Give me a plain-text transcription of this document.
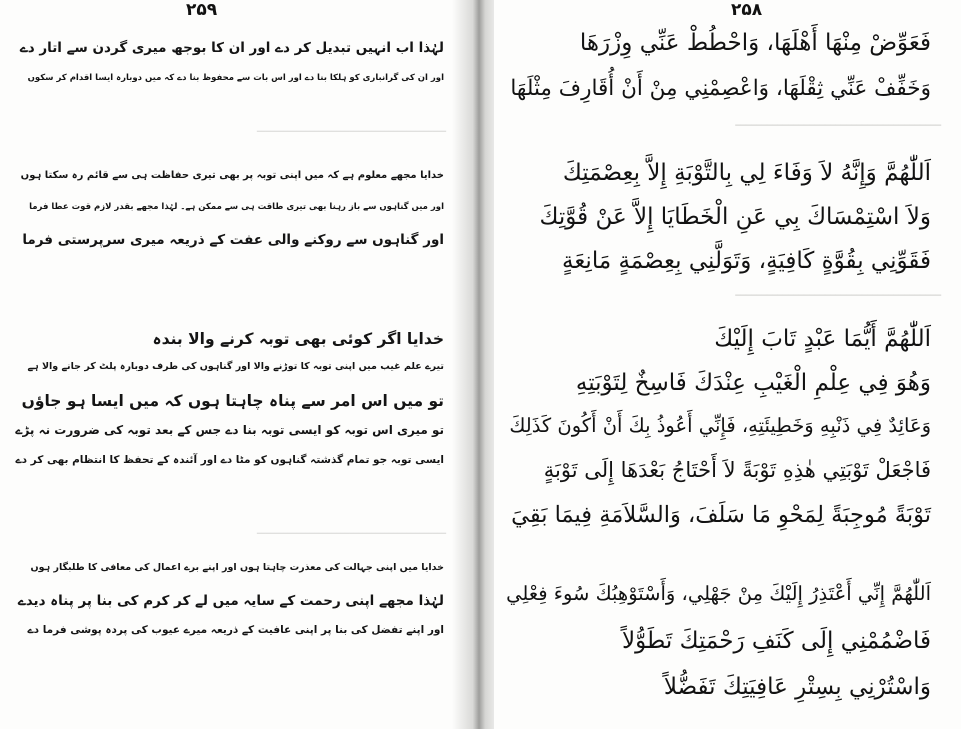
۲۵۹
ـــــــــــــــــــــــــــــــــــــــــــ
ـــــــــــــــــــــــــــــــــــــــــــ
لہٰذا اب انہیں تبدیل کر دے اور ان کا بوجھ میری گردن سے اتار دے
اور ان کی گرانباری کو ہلکا بنا دے اور اس بات سے محفوظ بنا دے کہ میں دوبارہ ایسا اقدام کر سکوں
خدایا مجھے معلوم ہے کہ میں اپنی توبہ پر بھی تیری حفاظت ہی سے قائم رہ سکتا ہوں
اور میں گناہوں سے باز رہنا بھی تیری طاقت ہی سے ممکن ہے۔ لہٰذا مجھے بقدر لازم قوت عطا فرما
اور گناہوں سے روکنے والی عفت کے ذریعہ میری سرپرستی فرما
خدایا اگر کوئی بھی توبہ کرنے والا بندہ
تیرے علم غیب میں اپنی توبہ کا توڑنے والا اور گناہوں کی طرف دوبارہ پلٹ کر جانے والا ہے
تو میں اس امر سے پناہ چاہتا ہوں کہ میں ایسا ہو جاؤں
تو میری اس توبہ کو ایسی توبہ بنا دے جس کے بعد توبہ کی ضرورت نہ پڑے
ایسی توبہ جو تمام گذشتہ گناہوں کو مٹا دے اور آئندہ کے تحفظ کا انتظام بھی کر دے
خدایا میں اپنی جہالت کی معذرت چاہتا ہوں اور اپنے برے اعمال کی معافی کا طلبگار ہوں
لہٰذا مجھے اپنی رحمت کے سایہ میں لے کر کرم کی بنا پر پناہ دیدے
اور اپنے تفضل کی بنا پر اپنی عافیت کے ذریعہ میرے عیوب کی پردہ پوشی فرما دے
۲۵۸
ـــــــــــــــــــــــــــــــــــــــ
ـــــــــــــــــــــــــــــــــــــــ
فَعَوِّضْ مِنْهَا أَهْلَهَا، وَاحْطُطْ عَنِّي وِزْرَهَا
وَخَفِّفْ عَنِّي ثِقْلَهَا، وَاعْصِمْنِي مِنْ أَنْ أُقَارِفَ مِثْلَهَا
اَللّٰهُمَّ وَإِنَّهُ لاَ وَفَاءَ لِي بِالتَّوْبَةِ إِلاَّ بِعِصْمَتِكَ
وَلاَ اسْتِمْسَاكَ بِي عَنِ الْخَطَايَا إِلاَّ عَنْ قُوَّتِكَ
فَقَوِّنِي بِقُوَّةٍ كَافِيَةٍ، وَتَوَلَّنِي بِعِصْمَةٍ مَانِعَةٍ
اَللّٰهُمَّ أَيُّمَا عَبْدٍ تَابَ إِلَيْكَ
وَهُوَ فِي عِلْمِ الْغَيْبِ عِنْدَكَ فَاسِخٌ لِتَوْبَتِهِ
وَعَائِدٌ فِي ذَنْبِهِ وَخَطِيئَتِهِ، فَإِنِّي أَعُوذُ بِكَ أَنْ أَكُونَ كَذَلِكَ
فَاجْعَلْ تَوْبَتِي هٰذِهِ تَوْبَةً لاَ أَحْتَاجُ بَعْدَهَا إِلَى تَوْبَةٍ
تَوْبَةً مُوجِبَةً لِمَحْوِ مَا سَلَفَ، وَالسَّلاَمَةِ فِيمَا بَقِيَ
اَللّٰهُمَّ إِنِّي أَعْتَذِرُ إِلَيْكَ مِنْ جَهْلِي، وَأَسْتَوْهِبُكَ سُوءَ فِعْلِي
فَاضْمُمْنِي إِلَى كَنَفِ رَحْمَتِكَ تَطَوُّلاً
وَاسْتُرْنِي بِسِتْرِ عَافِيَتِكَ تَفَضُّلاً
